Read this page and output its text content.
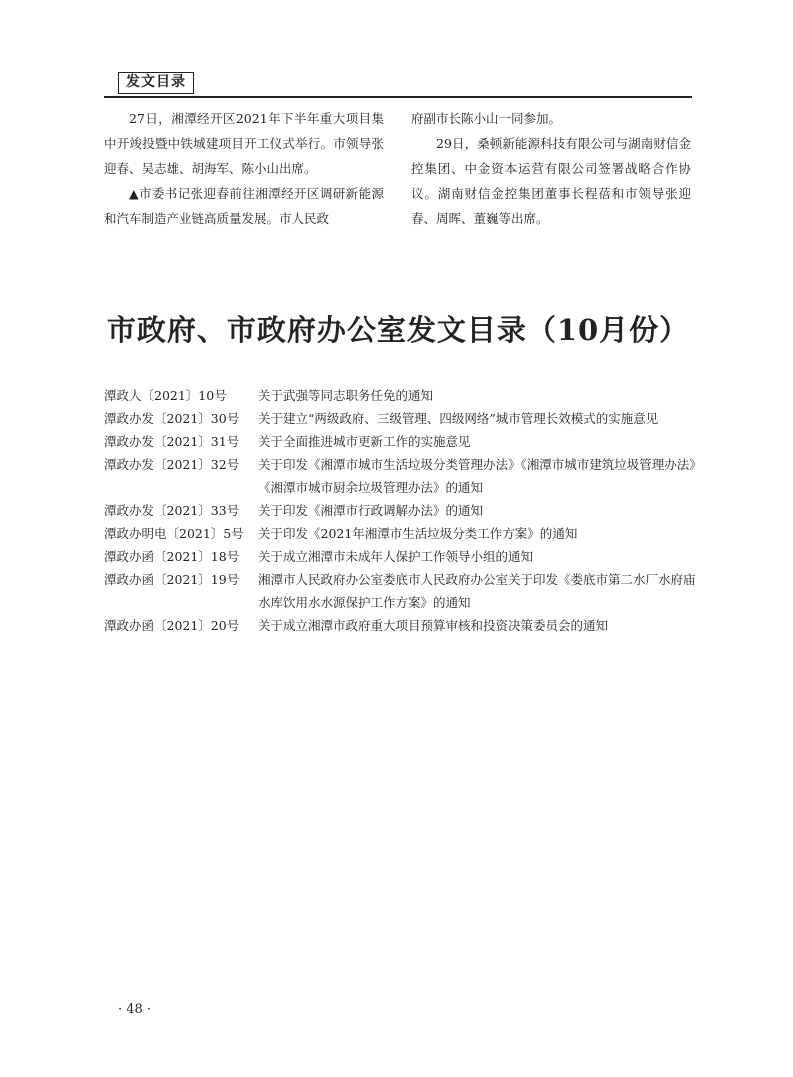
发文目录

27日，湘潭经开区2021年下半年重大项目集中开竣投暨中铁城建项目开工仪式举行。市领导张迎春、吴志雄、胡海军、陈小山出席。

▲市委书记张迎春前往湘潭经开区调研新能源和汽车制造产业链高质量发展。市人民政

府副市长陈小山一同参加。

29日，桑顿新能源科技有限公司与湖南财信金控集团、中金资本运营有限公司签署战略合作协议。湖南财信金控集团董事长程蓓和市领导张迎春、周晖、董巍等出席。

市政府、市政府办公室发文目录（10月份）
潭政人〔2021〕10号	关于武强等同志职务任免的通知
潭政办发〔2021〕30号	关于建立“两级政府、三级管理、四级网络”城市管理长效模式的实施意见
潭政办发〔2021〕31号	关于全面推进城市更新工作的实施意见
潭政办发〔2021〕32号	关于印发《湘潭市城市生活垃圾分类管理办法》《湘潭市城市建筑垃圾管理办法》《湘潭市城市厨余垃圾管理办法》的通知
潭政办发〔2021〕33号	关于印发《湘潭市行政调解办法》的通知
潭政办明电〔2021〕5号	关于印发《2021年湘潭市生活垃圾分类工作方案》的通知
潭政办函〔2021〕18号	关于成立湘潭市未成年人保护工作领导小组的通知
潭政办函〔2021〕19号	湘潭市人民政府办公室娄底市人民政府办公室关于印发《娄底市第二水厂水府庙水库饮用水水源保护工作方案》的通知
潭政办函〔2021〕20号	关于成立湘潭市政府重大项目预算审核和投资决策委员会的通知
· 48 ·
